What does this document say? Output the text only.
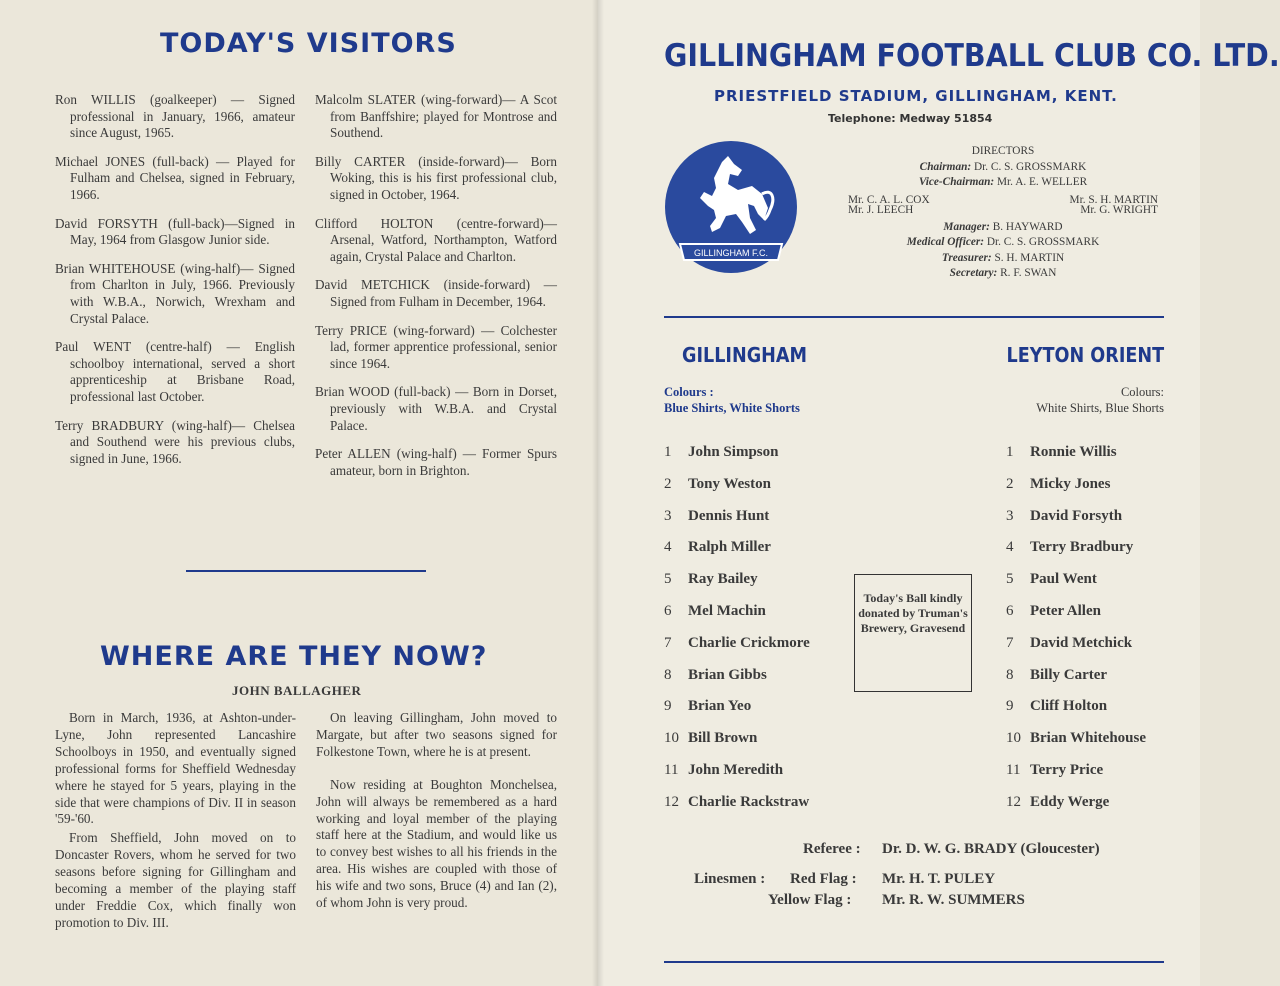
TODAY'S VISITORS

Ron WILLIS (goalkeeper) — Signed professional in January, 1966, amateur since August, 1965.

Michael JONES (full-back) — Played for Fulham and Chelsea, signed in February, 1966.

David FORSYTH (full-back)—Signed in May, 1964 from Glasgow Junior side.

Brian WHITEHOUSE (wing-half)— Signed from Charlton in July, 1966. Previously with W.B.A., Norwich, Wrexham and Crystal Palace.

Paul WENT (centre-half) — English schoolboy international, served a short apprenticeship at Brisbane Road, professional last October.

Terry BRADBURY (wing-half)— Chelsea and Southend were his previous clubs, signed in June, 1966.

Malcolm SLATER (wing-forward)— A Scot from Banffshire; played for Montrose and Southend.

Billy CARTER (inside-forward)— Born Woking, this is his first professional club, signed in October, 1964.

Clifford HOLTON (centre-forward)— Arsenal, Watford, Northampton, Watford again, Crystal Palace and Charlton.

David METCHICK (inside-forward) —Signed from Fulham in December, 1964.

Terry PRICE (wing-forward) — Colchester lad, former apprentice professional, senior since 1964.

Brian WOOD (full-back) — Born in Dorset, previously with W.B.A. and Crystal Palace.

Peter ALLEN (wing-half) — Former Spurs amateur, born in Brighton.

WHERE ARE THEY NOW?
JOHN BALLAGHER

Born in March, 1936, at Ashton-under-Lyne, John represented Lancashire Schoolboys in 1950, and eventually signed professional forms for Sheffield Wednesday where he stayed for 5 years, playing in the side that were champions of Div. II in season '59-'60.

From Sheffield, John moved on to Doncaster Rovers, whom he served for two seasons before signing for Gillingham and becoming a member of the playing staff under Freddie Cox, which finally won promotion to Div. III.

On leaving Gillingham, John moved to Margate, but after two seasons signed for Folkestone Town, where he is at present.

Now residing at Boughton Monchelsea, John will always be remembered as a hard working and loyal member of the playing staff here at the Stadium, and would like us to convey best wishes to all his friends in the area. His wishes are coupled with those of his wife and two sons, Bruce (4) and Ian (2), of whom John is very proud.

GILLINGHAM FOOTBALL CLUB CO. LTD.
PRIESTFIELD STADIUM, GILLINGHAM, KENT.
Telephone: Medway 51854
GILLINGHAM F.C.
DIRECTORS
Chairman: Dr. C. S. GROSSMARK
Vice-Chairman: Mr. A. E. WELLER
Mr. C. A. L. COX	Mr. S. H. MARTIN
Mr. J. LEECH	Mr. G. WRIGHT
Manager: B. HAYWARD
Medical Officer: Dr. C. S. GROSSMARK
Treasurer: S. H. MARTIN
Secretary: R. F. SWAN
GILLINGHAM
Colours :
Blue Shirts, White Shorts
LEYTON ORIENT
Colours:
White Shirts, Blue Shorts
1 John Simpson
2 Tony Weston
3 Dennis Hunt
4 Ralph Miller
5 Ray Bailey
6 Mel Machin
7 Charlie Crickmore
8 Brian Gibbs
9 Brian Yeo
10 Bill Brown
11 John Meredith
12 Charlie Rackstraw
1 Ronnie Willis
2 Micky Jones
3 David Forsyth
4 Terry Bradbury
5 Paul Went
6 Peter Allen
7 David Metchick
8 Billy Carter
9 Cliff Holton
10 Brian Whitehouse
11 Terry Price
12 Eddy Werge
Today's Ball kindly donated by Truman's Brewery, Gravesend
Referee : Dr. D. W. G. BRADY (Gloucester)
Linesmen : Red Flag : Mr. H. T. PULEY
Yellow Flag : Mr. R. W. SUMMERS
